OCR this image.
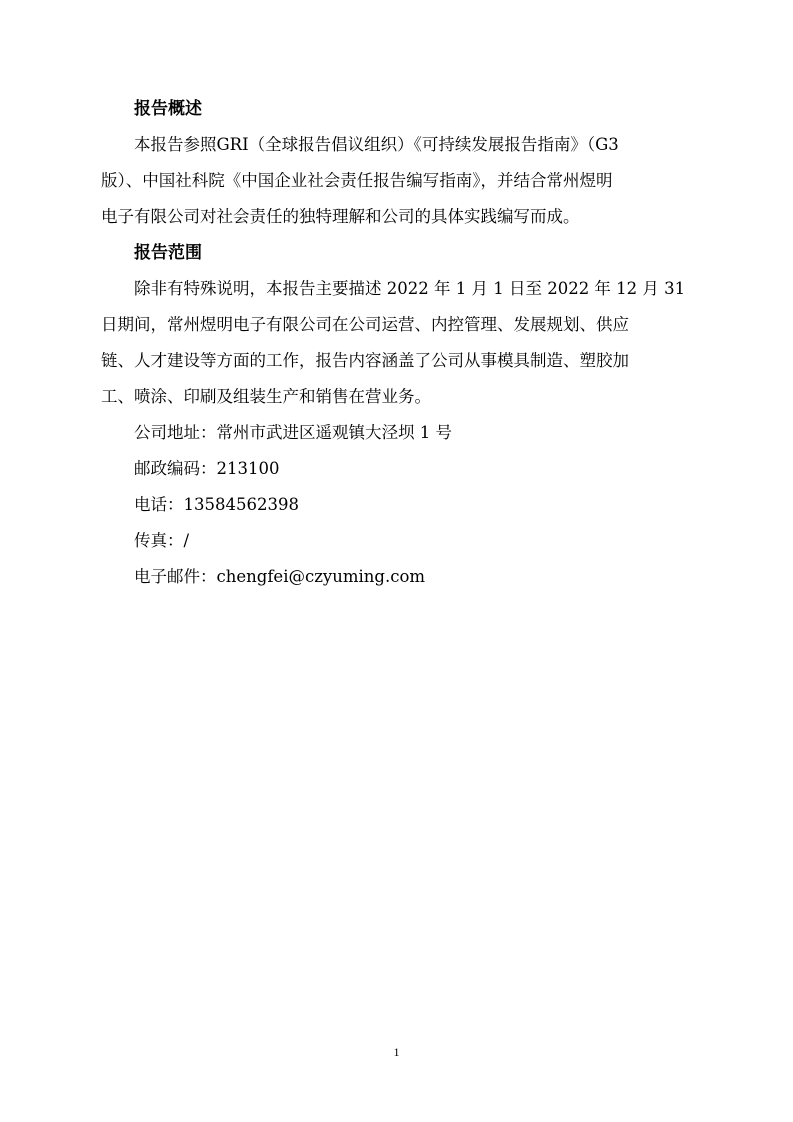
报告概述
本报告参照GRI（全球报告倡议组织）《可持续发展报告指南》（G3
版）、中国社科院《中国企业社会责任报告编写指南》，并结合常州煜明
电子有限公司对社会责任的独特理解和公司的具体实践编写而成。
报告范围
除非有特殊说明，本报告主要描述 2022 年 1 月 1 日至 2022 年 12 月 31
日期间，常州煜明电子有限公司在公司运营、内控管理、发展规划、供应
链、人才建设等方面的工作，报告内容涵盖了公司从事模具制造、塑胶加
工、喷涂、印刷及组装生产和销售在营业务。
公司地址：常州市武进区遥观镇大泾坝 1 号
邮政编码：213100
电话：13584562398
传真：/
电子邮件：chengfei@czyuming.com
1
